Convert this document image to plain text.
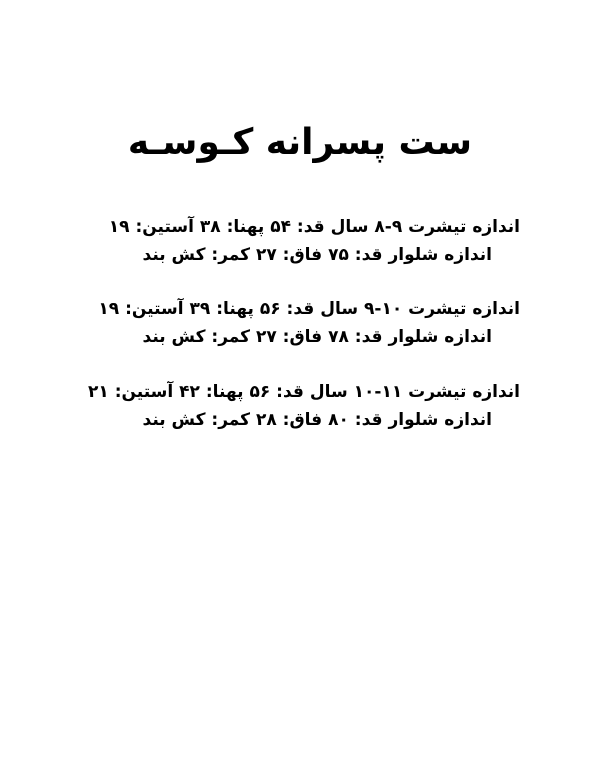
ست پسرانه کـوسـه
اندازه تیشرت ۹-۸ سال قد: ۵۴ پهنا: ۳۸ آستین: ۱۹
اندازه شلوار قد: ۷۵ فاق: ۲۷ کمر: کش بند
اندازه تیشرت ۱۰-۹ سال قد: ۵۶ پهنا: ۳۹ آستین: ۱۹
اندازه شلوار قد: ۷۸ فاق: ۲۷ کمر: کش بند
اندازه تیشرت ۱۱-۱۰ سال قد: ۵۶ پهنا: ۴۲ آستین: ۲۱
اندازه شلوار قد: ۸۰ فاق: ۲۸ کمر: کش بند
